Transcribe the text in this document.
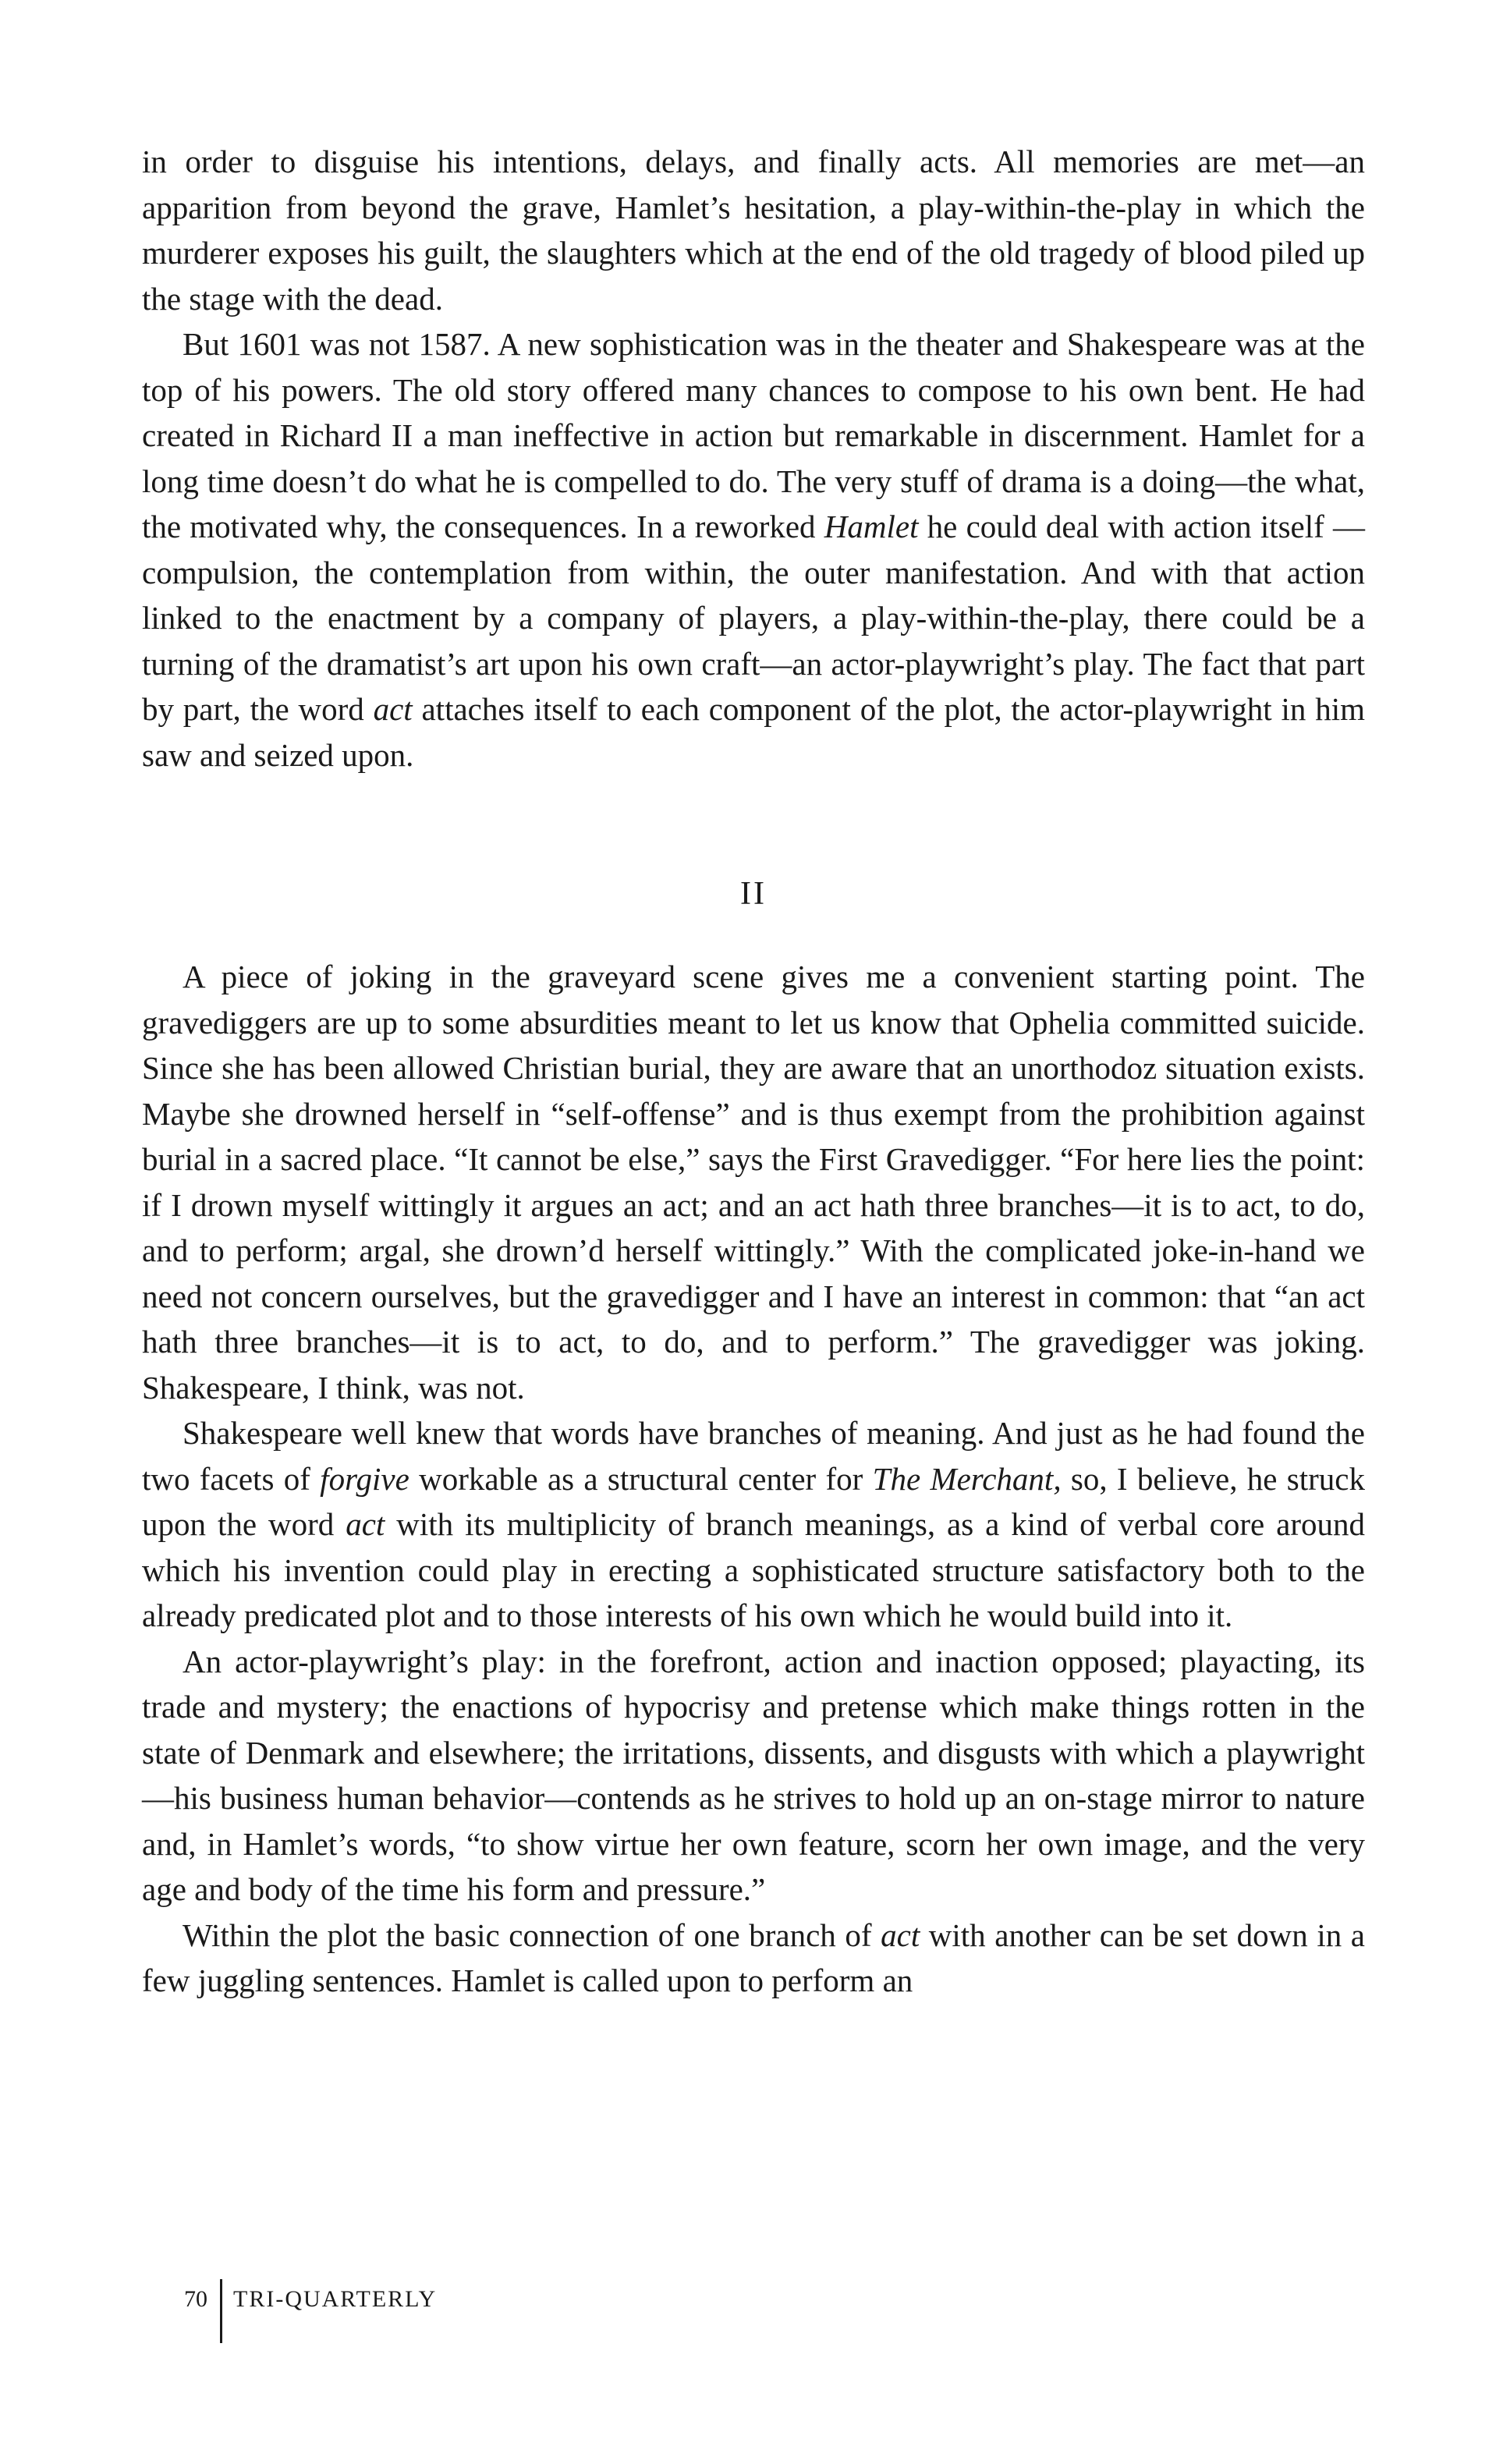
in order to disguise his intentions, delays, and finally acts. All memories are met—an apparition from beyond the grave, Hamlet’s hesitation, a play-within-the-play in which the murderer exposes his guilt, the slaughters which at the end of the old tragedy of blood piled up the stage with the dead.

But 1601 was not 1587. A new sophistication was in the theater and Shakespeare was at the top of his powers. The old story offered many chances to compose to his own bent. He had created in Richard II a man ineffective in action but remarkable in discernment. Hamlet for a long time doesn’t do what he is compelled to do. The very stuff of drama is a doing—the what, the motivated why, the consequences. In a reworked Hamlet he could deal with action itself —compulsion, the contemplation from within, the outer manifestation. And with that action linked to the enactment by a company of players, a play-within-the-play, there could be a turning of the dramatist’s art upon his own craft—an actor-playwright’s play. The fact that part by part, the word act attaches itself to each component of the plot, the actor-playwright in him saw and seized upon.

II

A piece of joking in the graveyard scene gives me a convenient starting point. The gravediggers are up to some absurdities meant to let us know that Ophelia committed suicide. Since she has been allowed Christian burial, they are aware that an unorthodoz situation exists. Maybe she drowned herself in “self-offense” and is thus exempt from the prohibition against burial in a sacred place. “It cannot be else,” says the First Gravedigger. “For here lies the point: if I drown myself wittingly it argues an act; and an act hath three branches—it is to act, to do, and to perform; argal, she drown’d herself wittingly.” With the complicated joke-in-hand we need not concern ourselves, but the gravedigger and I have an interest in common: that “an act hath three branches—it is to act, to do, and to perform.” The gravedigger was joking. Shakespeare, I think, was not.

Shakespeare well knew that words have branches of meaning. And just as he had found the two facets of forgive workable as a structural center for The Merchant, so, I believe, he struck upon the word act with its multiplicity of branch meanings, as a kind of verbal core around which his invention could play in erecting a sophisticated structure satisfactory both to the already predicated plot and to those interests of his own which he would build into it.

An actor-playwright’s play: in the forefront, action and inaction opposed; playacting, its trade and mystery; the enactions of hypocrisy and pretense which make things rotten in the state of Denmark and elsewhere; the irritations, dissents, and disgusts with which a playwright—his business human behavior—contends as he strives to hold up an on-stage mirror to nature and, in Hamlet’s words, “to show virtue her own feature, scorn her own image, and the very age and body of the time his form and pressure.”

Within the plot the basic connection of one branch of act with another can be set down in a few juggling sentences. Hamlet is called upon to perform an

70	TRI-QUARTERLY
